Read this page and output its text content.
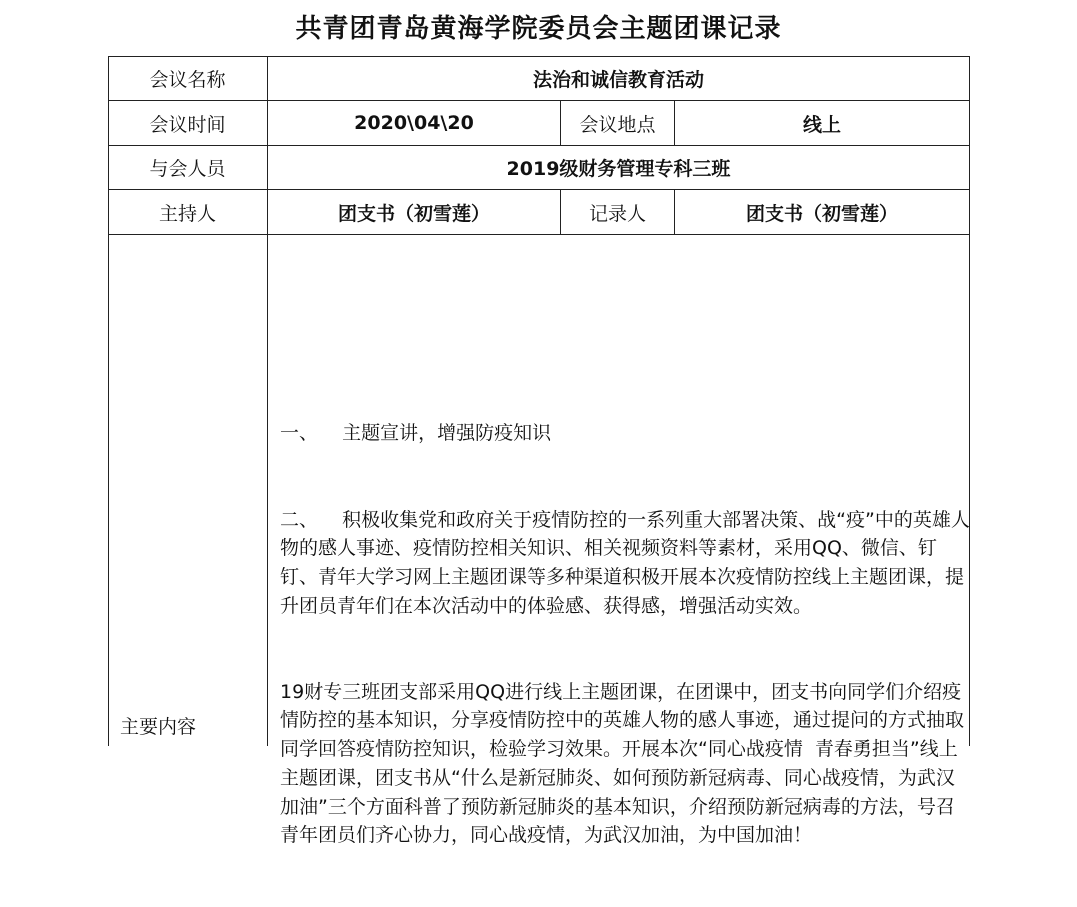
共青团青岛黄海学院委员会主题团课记录
会议名称	法治和诚信教育活动
会议时间	2020\04\20	会议地点	线上
与会人员	2019级财务管理专科三班
主持人	团支书（初雪莲）	记录人	团支书（初雪莲）
主要内容

一、    主题宣讲，增强防疫知识

二、    积极收集党和政府关于疫情防控的一系列重大部署决策、战“疫”中的英雄人物的感人事迹、疫情防控相关知识、相关视频资料等素材，采用QQ、微信、钉钉、青年大学习网上主题团课等多种渠道积极开展本次疫情防控线上主题团课，提升团员青年们在本次活动中的体验感、获得感，增强活动实效。

19财专三班团支部采用QQ进行线上主题团课，在团课中，团支书向同学们介绍疫情防控的基本知识，分享疫情防控中的英雄人物的感人事迹，通过提问的方式抽取同学回答疫情防控知识，检验学习效果。开展本次“同心战疫情  青春勇担当”线上主题团课，团支书从“什么是新冠肺炎、如何预防新冠病毒、同心战疫情，为武汉加油”三个方面科普了预防新冠肺炎的基本知识，介绍预防新冠病毒的方法，号召青年团员们齐心协力，同心战疫情，为武汉加油，为中国加油！
